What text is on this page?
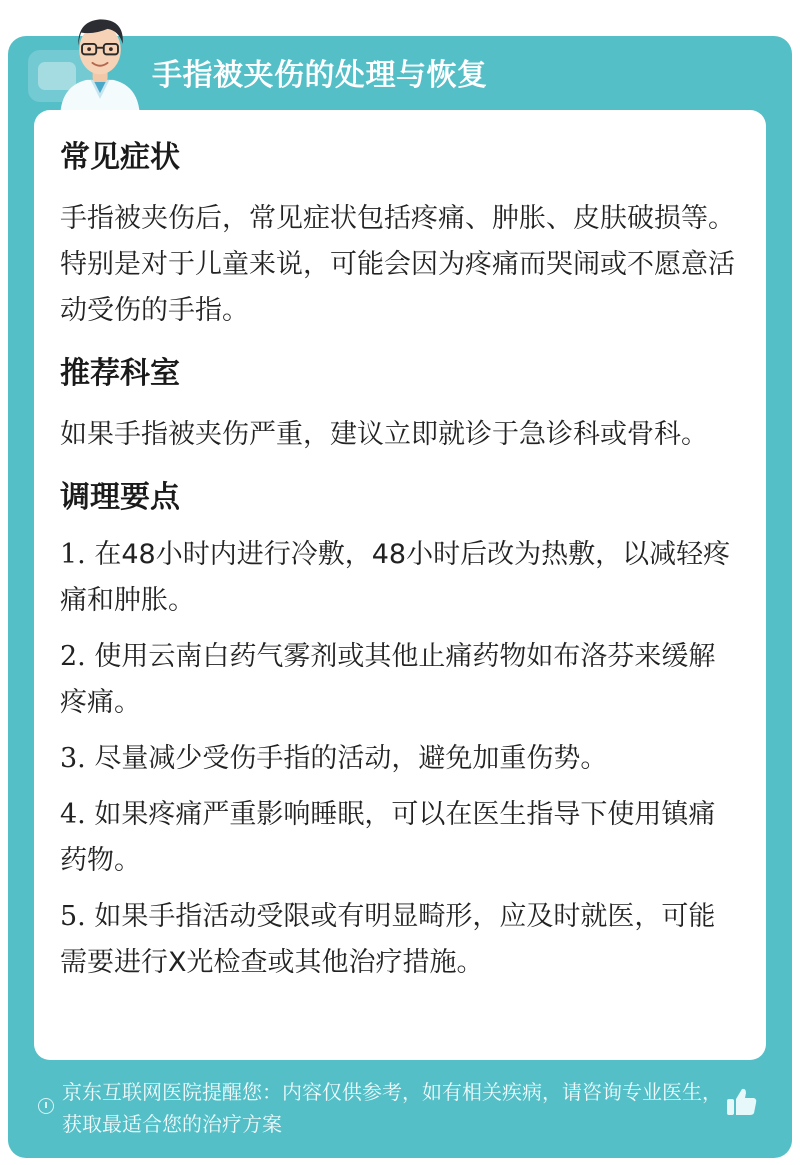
手指被夹伤的处理与恢复
常见症状

手指被夹伤后，常见症状包括疼痛、肿胀、皮肤破损等。特别是对于儿童来说，可能会因为疼痛而哭闹或不愿意活动受伤的手指。

推荐科室

如果手指被夹伤严重，建议立即就诊于急诊科或骨科。

调理要点

1. 在48小时内进行冷敷，48小时后改为热敷，以减轻疼痛和肿胀。

2. 使用云南白药气雾剂或其他止痛药物如布洛芬来缓解疼痛。

3. 尽量减少受伤手指的活动，避免加重伤势。

4. 如果疼痛严重影响睡眠，可以在医生指导下使用镇痛药物。

5. 如果手指活动受限或有明显畸形，应及时就医，可能需要进行X光检查或其他治疗措施。

京东互联网医院提醒您：内容仅供参考，如有相关疾病，请咨询专业医生，获取最适合您的治疗方案
